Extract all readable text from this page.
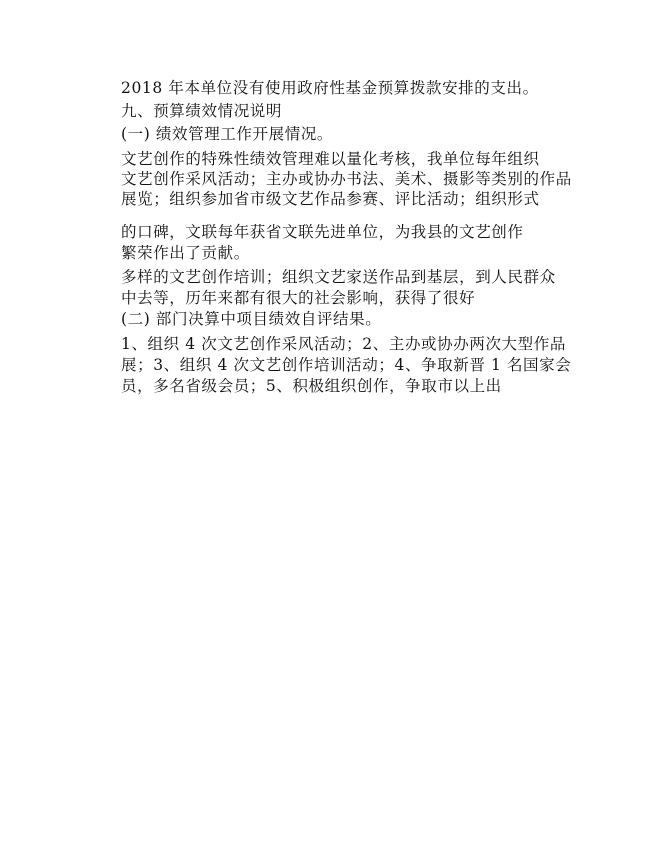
2018 年本单位没有使用政府性基金预算拨款安排的支出。
九、预算绩效情况说明
(一) 绩效管理工作开展情况。
文艺创作的特殊性绩效管理难以量化考核，我单位每年组织
文艺创作采风活动；主办或协办书法、美术、摄影等类别的作品
展览；组织参加省市级文艺作品参赛、评比活动；组织形式
的口碑，文联每年获省文联先进单位，为我县的文艺创作
繁荣作出了贡献。
多样的文艺创作培训；组织文艺家送作品到基层，到人民群众
中去等，历年来都有很大的社会影响，获得了很好
(二) 部门决算中项目绩效自评结果。
1、组织 4 次文艺创作采风活动；2、主办或协办两次大型作品
展；3、组织 4 次文艺创作培训活动；4、争取新晋 1 名国家会
员，多名省级会员；5、积极组织创作，争取市以上出
